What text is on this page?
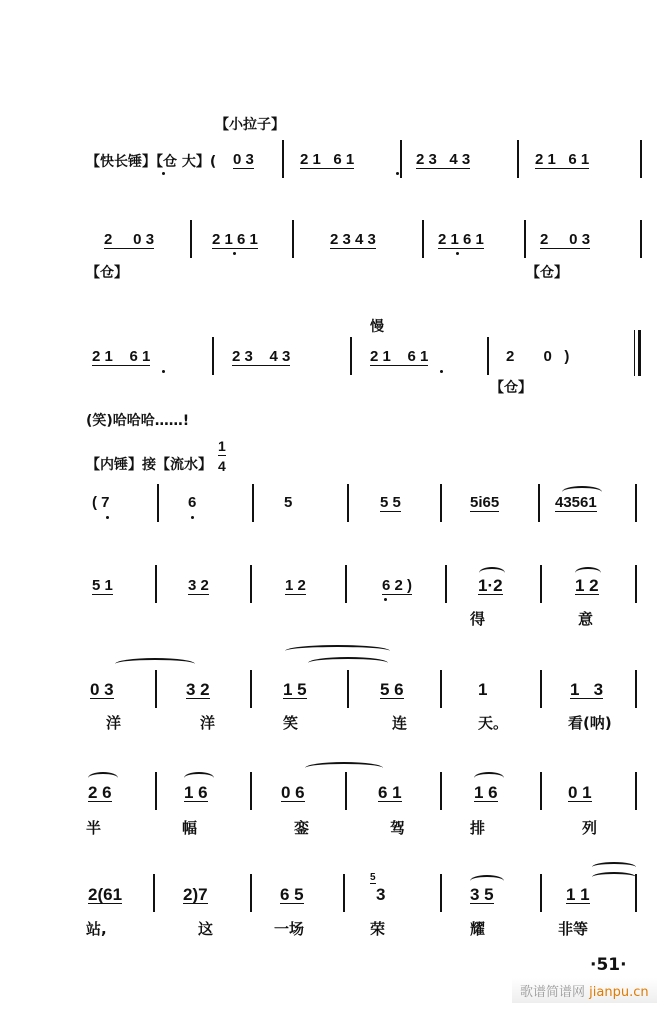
【小拉子】
【快长锤】【仓 大】( 0 3	2 1   6 1	2 3   4 3	2 1   6 1
2     0 3	2 1 6 1	2 3 4 3	2 1 6 1	2     0 3
【仓】	【仓】
慢
2 1    6 1	2 3    4 3	2 1    6 1	2       0   )
【仓】
(笑)哈哈哈……!
【内锤】接【流水】
1
4
( 7	6	5	5 5	5i65	43561
5 1	3 2	1 2	6 2 )	1·2	1 2
得	意
0 3	3 2	1 5	5 6	1	1   3
洋	洋	笑	连	天。	看(呐)
2 6	1 6	0 6	6 1	1 6	0 1
半	幅	銮	驾	排	列
2(61	2)7	6 5
5
3	3 5	1 1
站,	这	一场	荣	耀	非等
·51·
歌谱简谱网 jianpu.cn
